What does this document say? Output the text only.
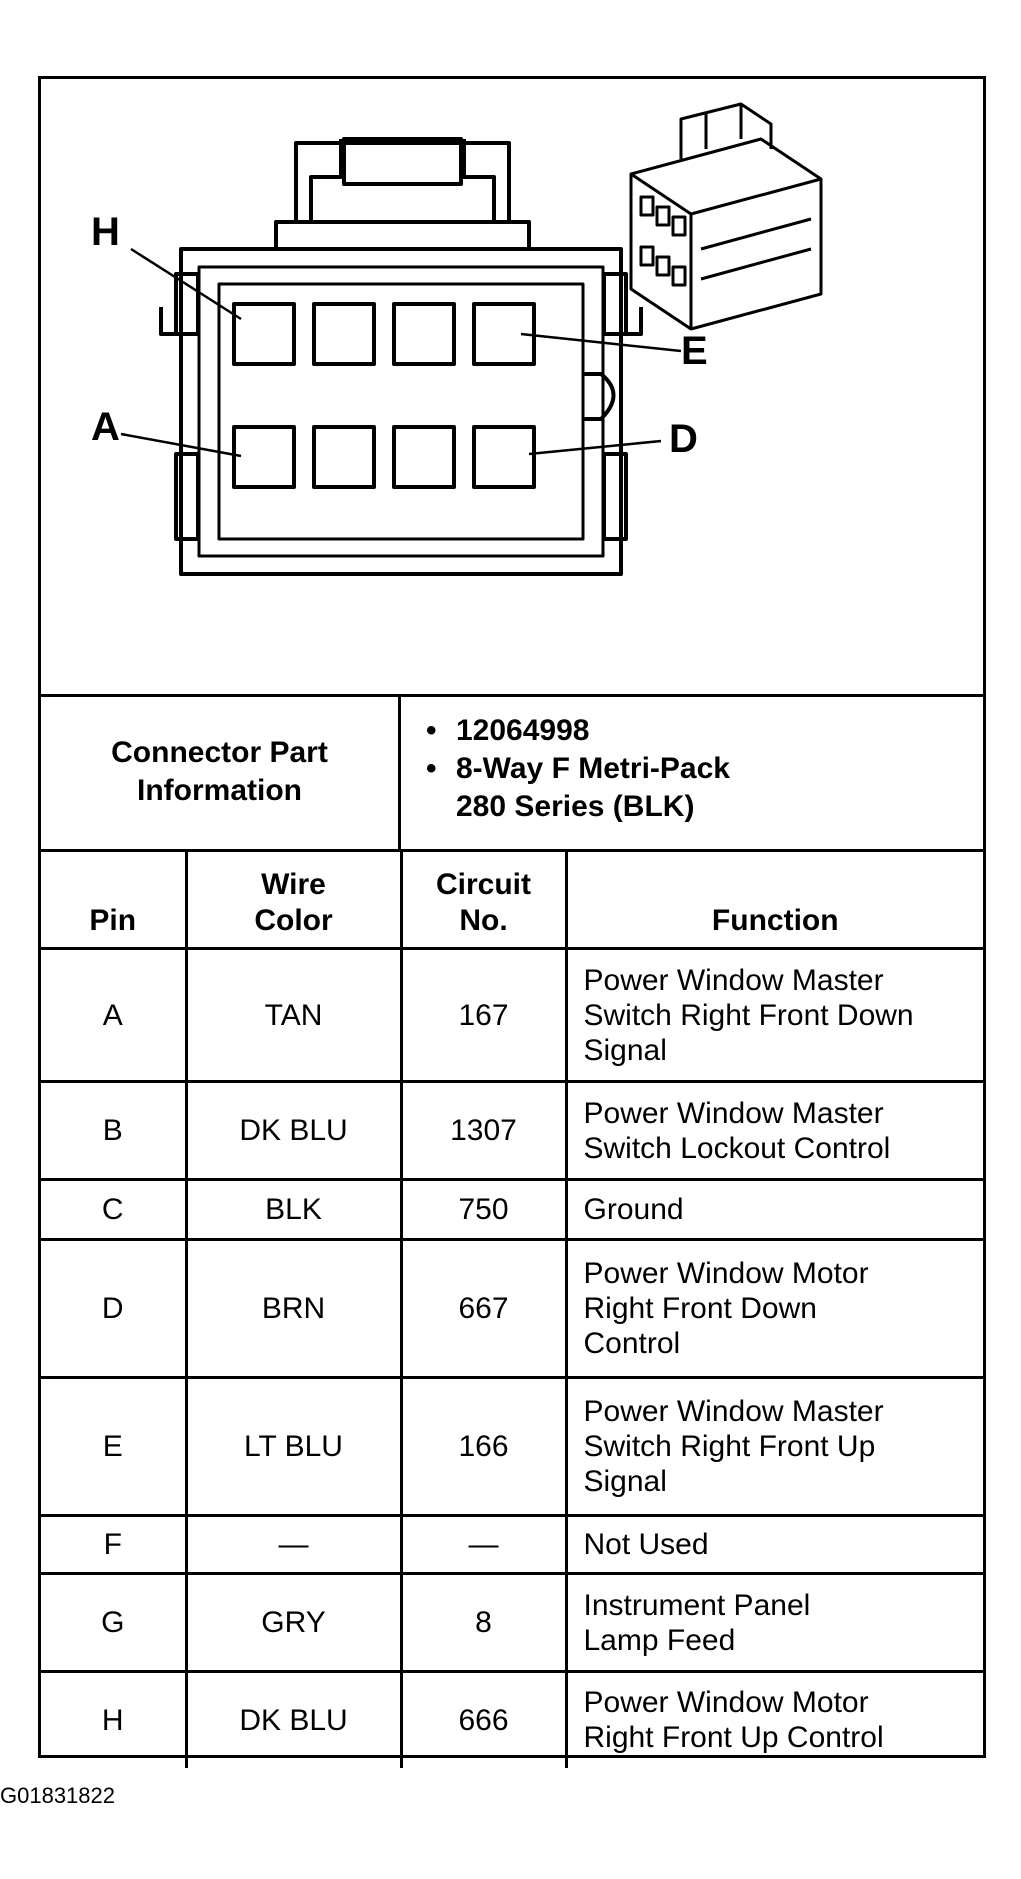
H
E
A	D
Connector Part Information
• 12064998
• 8-Way F Metri-Pack 280 Series (BLK)
Pin	Wire Color	Circuit No.	Function
A	TAN	167	Power Window Master Switch Right Front Down Signal

B	DK BLU	1307	Power Window Master Switch Lockout Control

C	BLK	750	Ground
D	BRN	667	Power Window Motor Right Front Down Control

E	LT BLU	166	Power Window Master Switch Right Front Up Signal

F	—	—	Not Used
G	GRY	8	Instrument Panel Lamp Feed

H	DK BLU	666	Power Window Motor Right Front Up Control
G01831822
